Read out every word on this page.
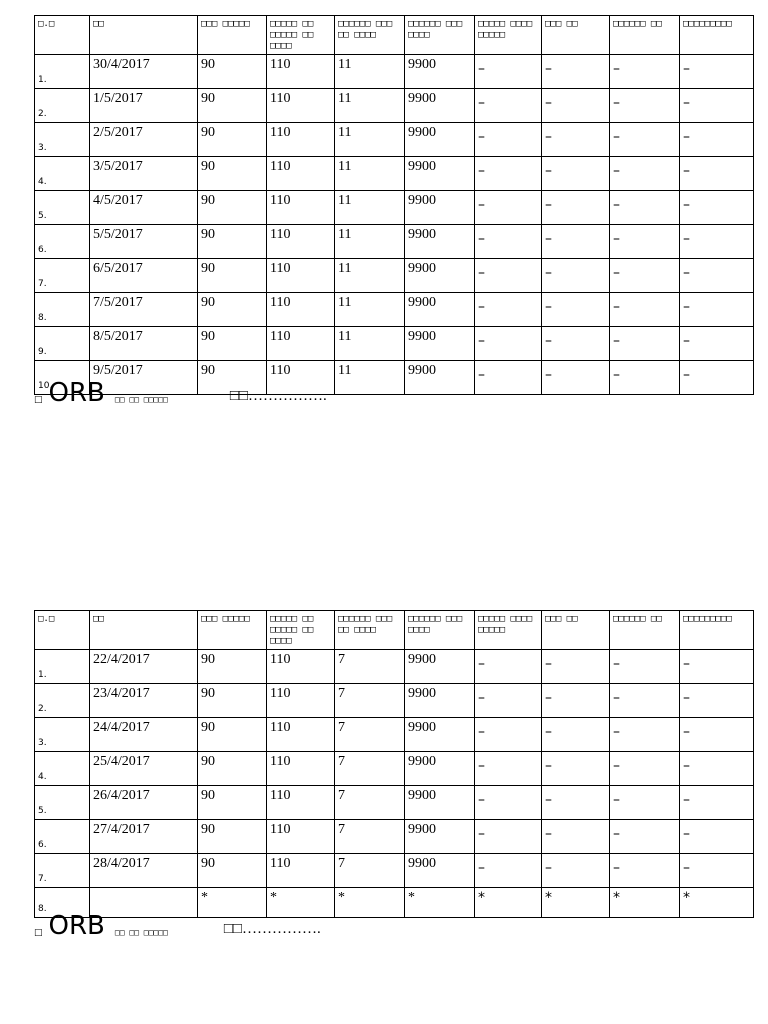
□.□	□□	□□□ □□□□□	□□□□□ □□ □□□□□ □□ □□□□	□□□□□□ □□□ □□ □□□□	□□□□□□ □□□ □□□□	□□□□□ □□□□ □□□□□	□□□ □□	□□□□□□ □□	□□□□□□□□□
1.	30/4/2017	90	110	11	9900	–	–	–	–
2.	1/5/2017	90	110	11	9900	–	–	–	–
3.	2/5/2017	90	110	11	9900	–	–	–	–
4.	3/5/2017	90	110	11	9900	–	–	–	–
5.	4/5/2017	90	110	11	9900	–	–	–	–
6.	5/5/2017	90	110	11	9900	–	–	–	–
7.	6/5/2017	90	110	11	9900	–	–	–	–
8.	7/5/2017	90	110	11	9900	–	–	–	–
9.	8/5/2017	90	110	11	9900	–	–	–	–
10.	9/5/2017	90	110	11	9900	–	–	–	–
□ ORB □□ □□ □□□□□	□□…………….
□.□	□□	□□□ □□□□□	□□□□□ □□ □□□□□ □□ □□□□	□□□□□□ □□□ □□ □□□□	□□□□□□ □□□ □□□□	□□□□□ □□□□ □□□□□	□□□ □□	□□□□□□ □□	□□□□□□□□□
1.	22/4/2017	90	110	7	9900	–	–	–	–
2.	23/4/2017	90	110	7	9900	–	–	–	–
3.	24/4/2017	90	110	7	9900	–	–	–	–
4.	25/4/2017	90	110	7	9900	–	–	–	–
5.	26/4/2017	90	110	7	9900	–	–	–	–
6.	27/4/2017	90	110	7	9900	–	–	–	–
7.	28/4/2017	90	110	7	9900	–	–	–	–
8.		*	*	*	*	*	*	*	*
□ ORB □□ □□ □□□□□	□□…………….
